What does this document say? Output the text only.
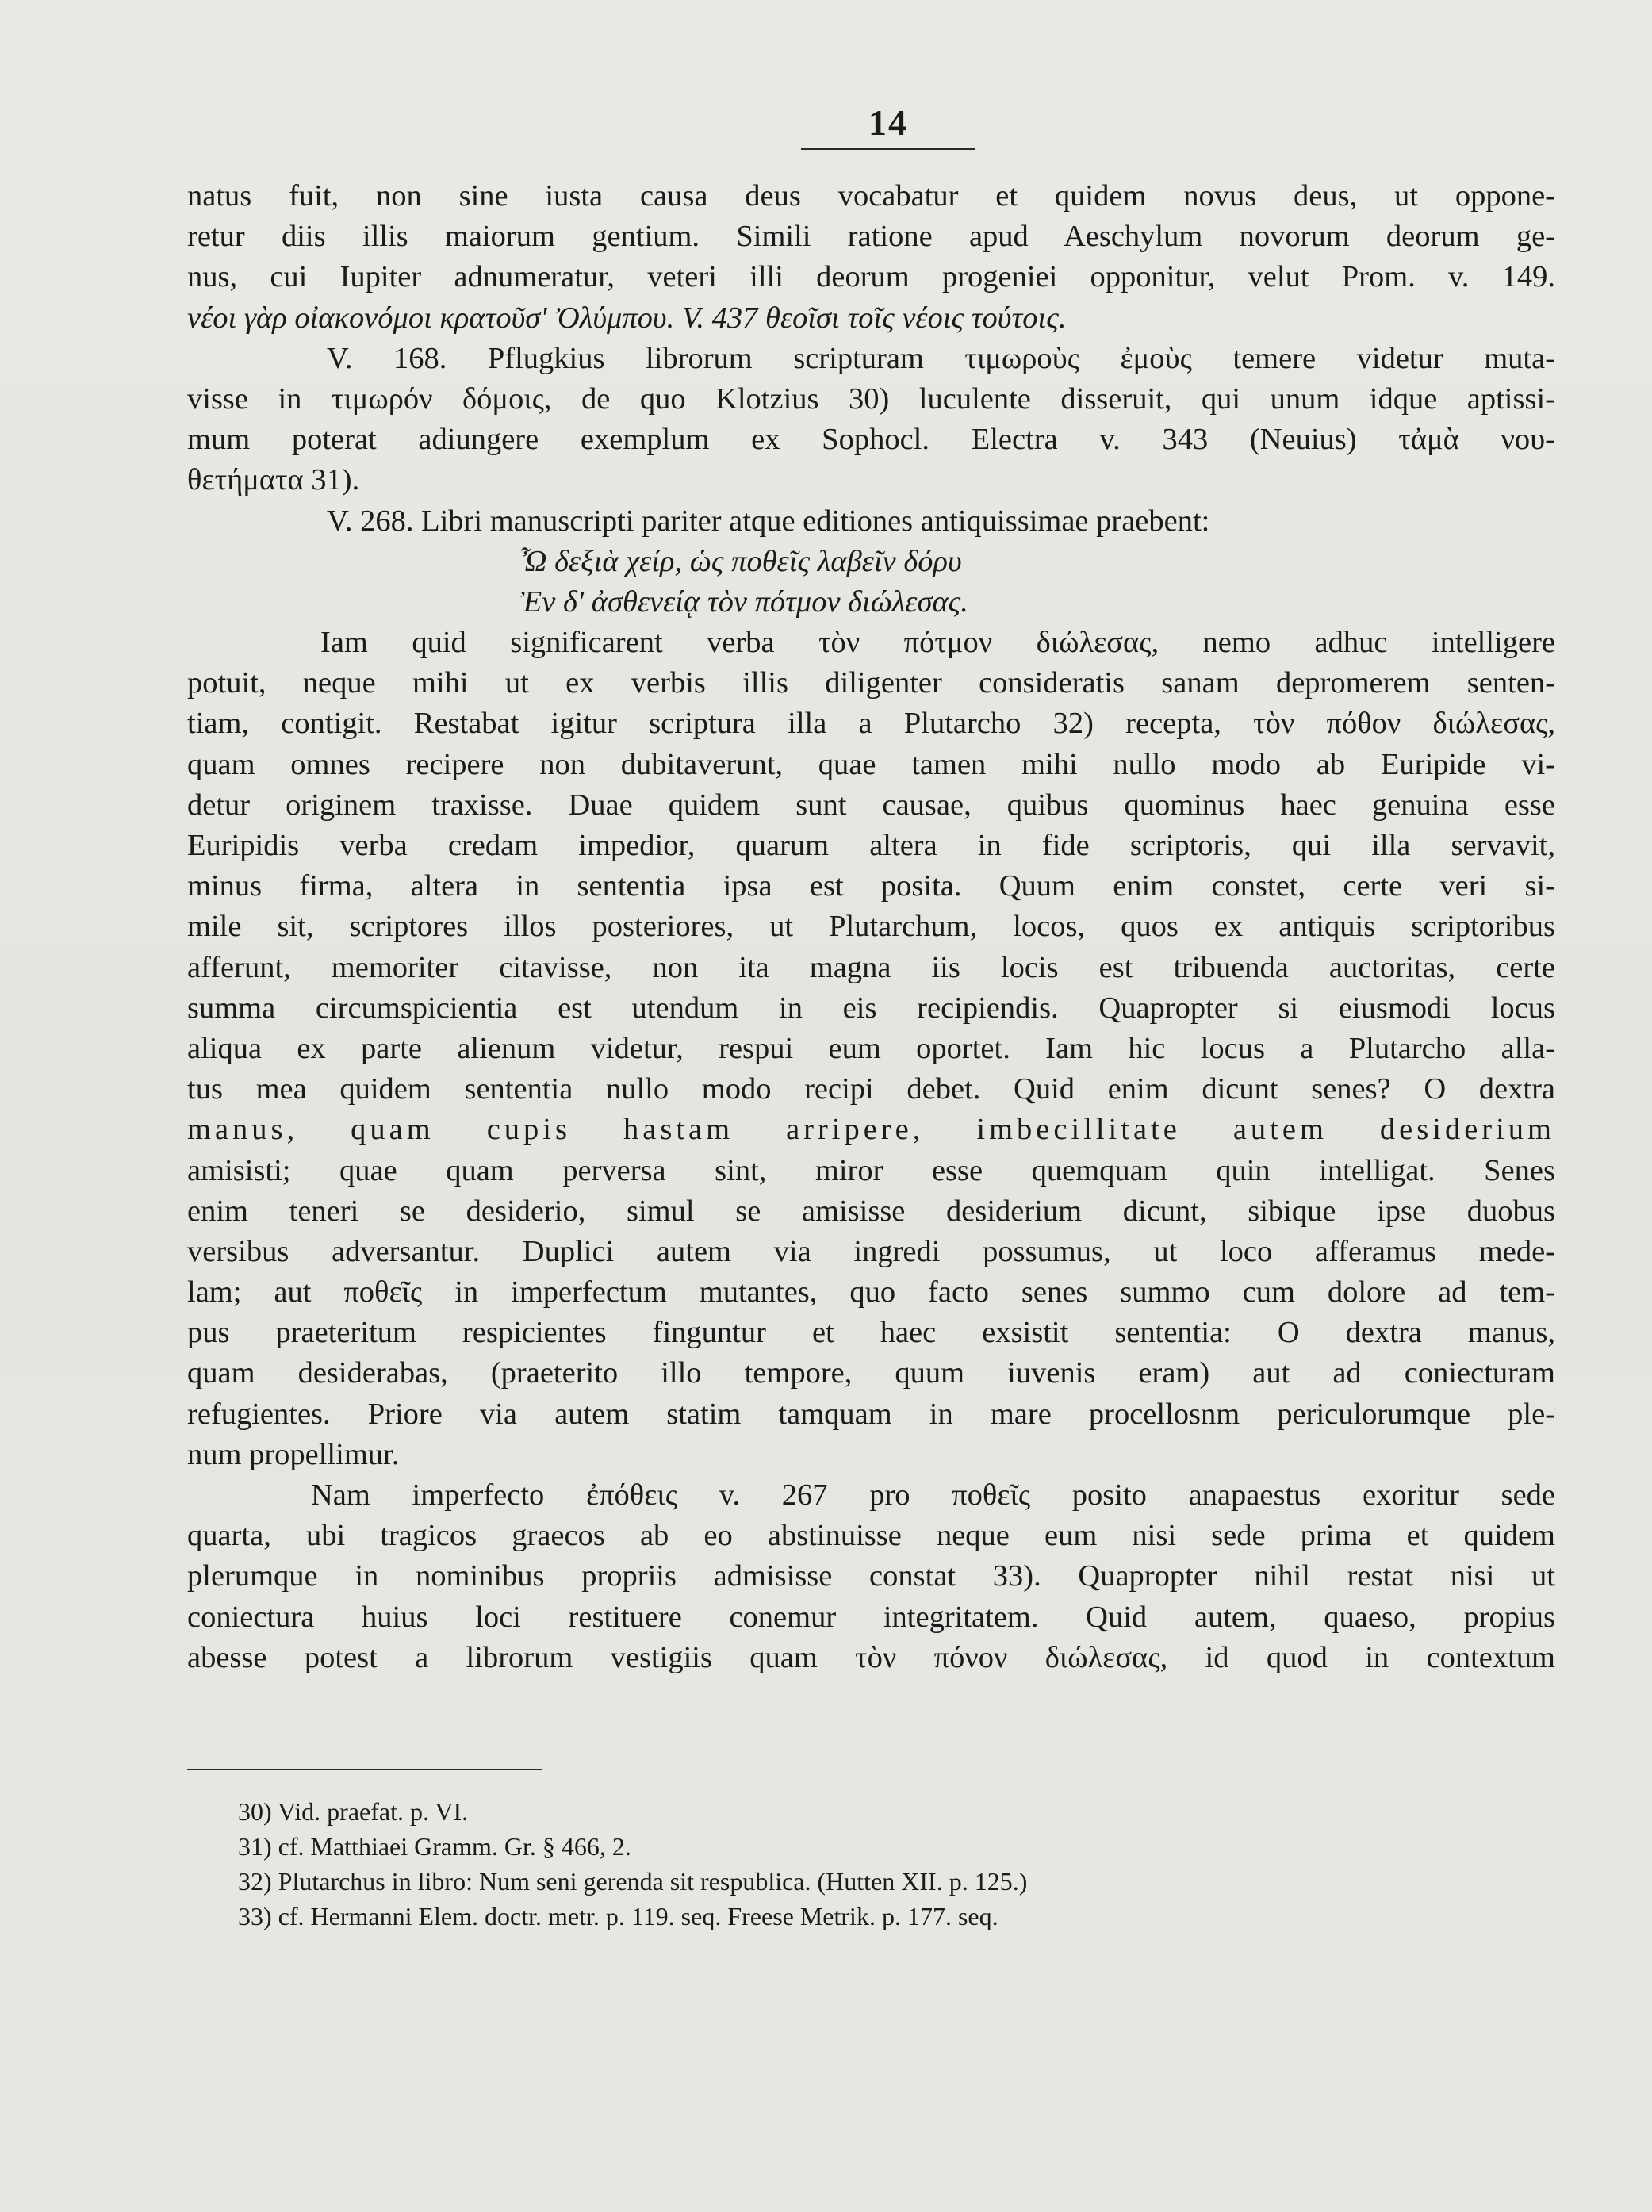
14
natus fuit, non sine iusta causa deus vocabatur et quidem novus deus, ut oppone-
retur diis illis maiorum gentium. Simili ratione apud Aeschylum novorum deorum ge-
nus, cui Iupiter adnumeratur, veteri illi deorum progeniei opponitur, velut Prom. v. 149.
νέοι γὰρ οἰακονόμοι κρατοῦσ' Ὀλύμπου. V. 437 θεοῖσι τοῖς νέοις τούτοις.
V. 168. Pflugkius librorum scripturam τιμωροὺς ἐμοὺς temere videtur muta-
visse in τιμωρόν δόμοις, de quo Klotzius 30) luculente disseruit, qui unum idque aptissi-
mum poterat adiungere exemplum ex Sophocl. Electra v. 343 (Neuius) τἀμὰ νου-
θετήματα 31).
V. 268. Libri manuscripti pariter atque editiones antiquissimae praebent:
Ὦ δεξιὰ χείρ, ὡς ποθεῖς λαβεῖν δόρυ
Ἐν δ' ἀσθενείᾳ τὸν πότμον διώλεσας.
Iam quid significarent verba τὸν πότμον διώλεσας, nemo adhuc intelligere
potuit, neque mihi ut ex verbis illis diligenter consideratis sanam depromerem senten-
tiam, contigit. Restabat igitur scriptura illa a Plutarcho 32) recepta, τὸν πόθον διώλεσας,
quam omnes recipere non dubitaverunt, quae tamen mihi nullo modo ab Euripide vi-
detur originem traxisse. Duae quidem sunt causae, quibus quominus haec genuina esse
Euripidis verba credam impedior, quarum altera in fide scriptoris, qui illa servavit,
minus firma, altera in sententia ipsa est posita. Quum enim constet, certe veri si-
mile sit, scriptores illos posteriores, ut Plutarchum, locos, quos ex antiquis scriptoribus
afferunt, memoriter citavisse, non ita magna iis locis est tribuenda auctoritas, certe
summa circumspicientia est utendum in eis recipiendis. Quapropter si eiusmodi locus
aliqua ex parte alienum videtur, respui eum oportet. Iam hic locus a Plutarcho alla-
tus mea quidem sententia nullo modo recipi debet. Quid enim dicunt senes? O dextra
manus, quam cupis hastam arripere, imbecillitate autem desiderium
amisisti; quae quam perversa sint, miror esse quemquam quin intelligat. Senes
enim teneri se desiderio, simul se amisisse desiderium dicunt, sibique ipse duobus
versibus adversantur. Duplici autem via ingredi possumus, ut loco afferamus mede-
lam; aut ποθεῖς in imperfectum mutantes, quo facto senes summo cum dolore ad tem-
pus praeteritum respicientes finguntur et haec exsistit sententia: O dextra manus,
quam desiderabas, (praeterito illo tempore, quum iuvenis eram) aut ad coniecturam
refugientes. Priore via autem statim tamquam in mare procellosnm periculorumque ple-
num propellimur.
Nam imperfecto ἐπόθεις v. 267 pro ποθεῖς posito anapaestus exoritur sede
quarta, ubi tragicos graecos ab eo abstinuisse neque eum nisi sede prima et quidem
plerumque in nominibus propriis admisisse constat 33). Quapropter nihil restat nisi ut
coniectura huius loci restituere conemur integritatem. Quid autem, quaeso, propius
abesse potest a librorum vestigiis quam τὸν πόνον διώλεσας, id quod in contextum
30) Vid. praefat. p. VI.
31) cf. Matthiaei Gramm. Gr. § 466, 2.
32) Plutarchus in libro: Num seni gerenda sit respublica. (Hutten XII. p. 125.)
33) cf. Hermanni Elem. doctr. metr. p. 119. seq. Freese Metrik. p. 177. seq.
